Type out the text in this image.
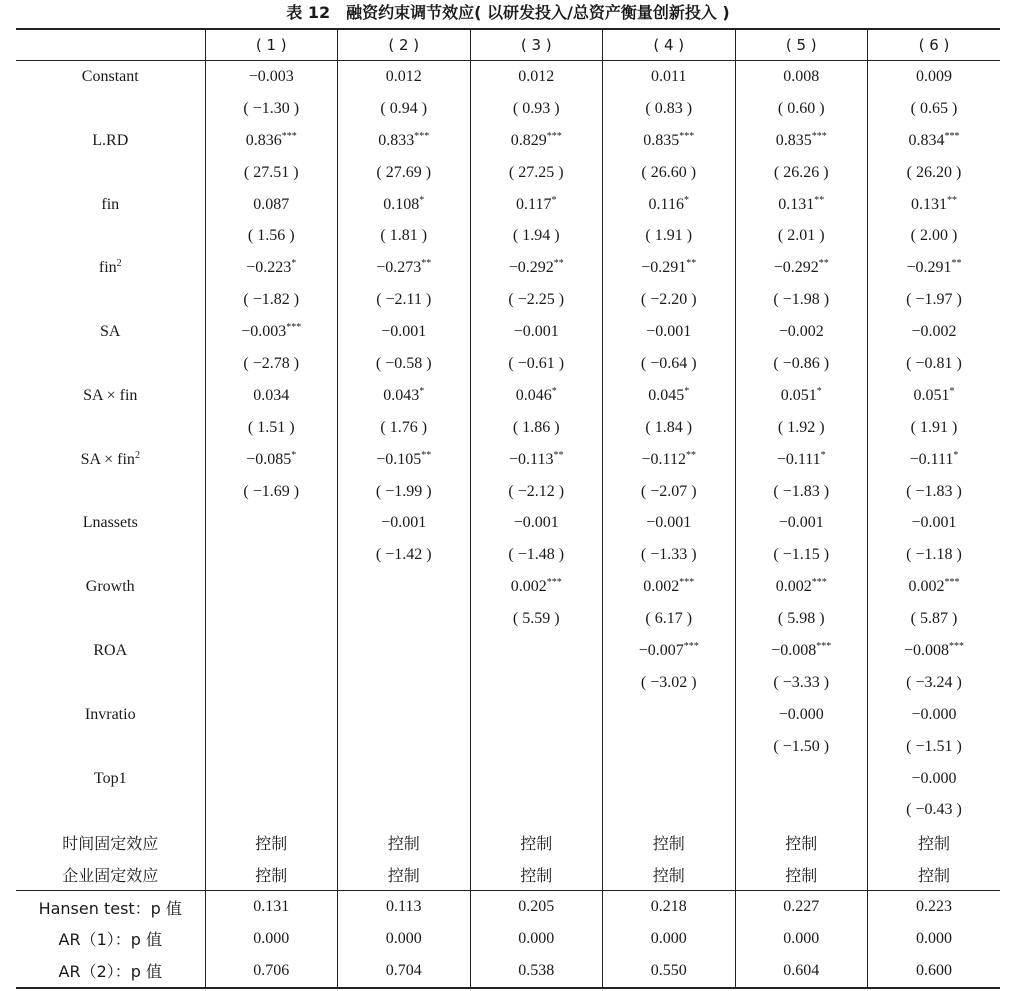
表 12 融资约束调节效应( 以研发投入/总资产衡量创新投入 )
	( 1 )	( 2 )	( 3 )	( 4 )	( 5 )	( 6 )
Constant	−0.003	0.012	0.012	0.011	0.008	0.009
	( −1.30 )	( 0.94 )	( 0.93 )	( 0.83 )	( 0.60 )	( 0.65 )
L.RD	0.836***	0.833***	0.829***	0.835***	0.835***	0.834***
	( 27.51 )	( 27.69 )	( 27.25 )	( 26.60 )	( 26.26 )	( 26.20 )
fin	0.087	0.108*	0.117*	0.116*	0.131**	0.131**
	( 1.56 )	( 1.81 )	( 1.94 )	( 1.91 )	( 2.01 )	( 2.00 )
fin$^2$	−0.223*	−0.273**	−0.292**	−0.291**	−0.292**	−0.291**
	( −1.82 )	( −2.11 )	( −2.25 )	( −2.20 )	( −1.98 )	( −1.97 )
SA	−0.003***	−0.001	−0.001	−0.001	−0.002	−0.002
	( −2.78 )	( −0.58 )	( −0.61 )	( −0.64 )	( −0.86 )	( −0.81 )
SA × fin	0.034	0.043*	0.046*	0.045*	0.051*	0.051*
	( 1.51 )	( 1.76 )	( 1.86 )	( 1.84 )	( 1.92 )	( 1.91 )
SA × fin$^2$	−0.085*	−0.105**	−0.113**	−0.112**	−0.111*	−0.111*
	( −1.69 )	( −1.99 )	( −2.12 )	( −2.07 )	( −1.83 )	( −1.83 )
Lnassets		−0.001	−0.001	−0.001	−0.001	−0.001
		( −1.42 )	( −1.48 )	( −1.33 )	( −1.15 )	( −1.18 )
Growth			0.002***	0.002***	0.002***	0.002***
			( 5.59 )	( 6.17 )	( 5.98 )	( 5.87 )
ROA				−0.007***	−0.008***	−0.008***
				( −3.02 )	( −3.33 )	( −3.24 )
Invratio					−0.000	−0.000
					( −1.50 )	( −1.51 )
Top1						−0.000
						( −0.43 )
时间固定效应	控制	控制	控制	控制	控制	控制
企业固定效应	控制	控制	控制	控制	控制	控制
Hansen test：p 值	0.131	0.113	0.205	0.218	0.227	0.223
AR（1）：p 值	0.000	0.000	0.000	0.000	0.000	0.000
AR（2）：p 值	0.706	0.704	0.538	0.550	0.604	0.600
